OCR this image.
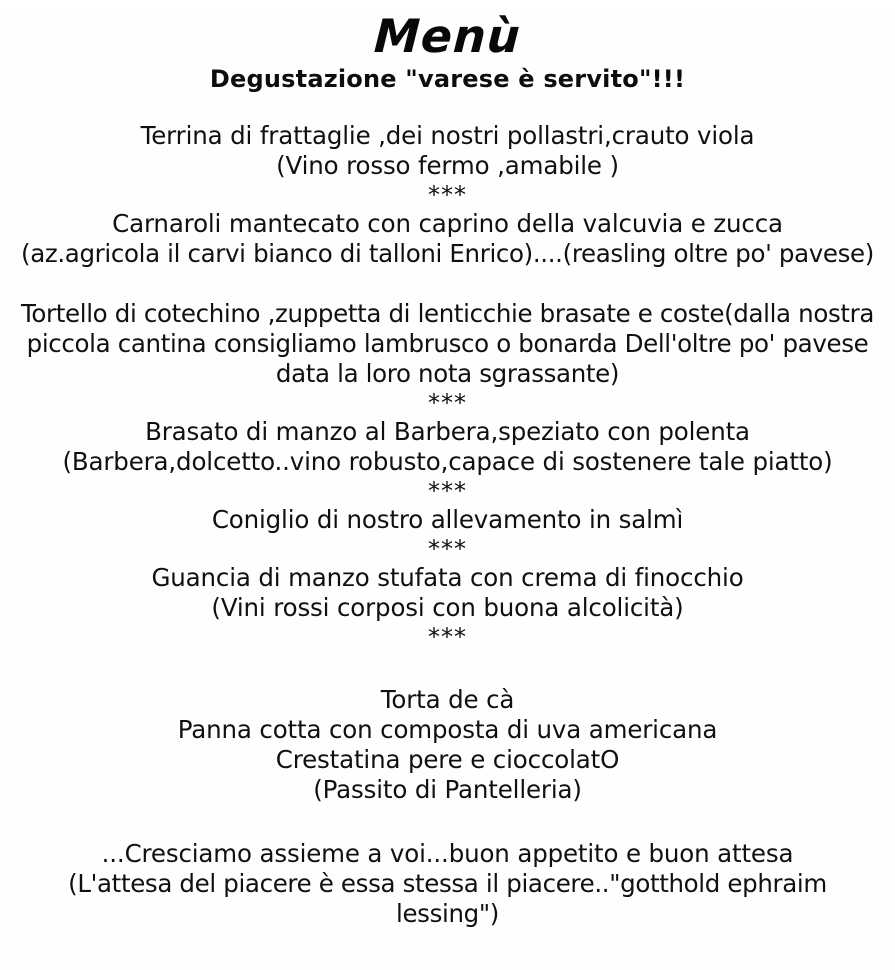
Menù
Degustazione "varese è servito"!!!
Terrina di frattaglie ,dei nostri pollastri,crauto viola
(Vino rosso fermo ,amabile )
***
Carnaroli mantecato con caprino della valcuvia e zucca
(az.agricola il carvi bianco di talloni Enrico)....(reasling oltre po' pavese)
Tortello di cotechino ,zuppetta di lenticchie brasate e coste(dalla nostra piccola cantina consigliamo lambrusco o bonarda Dell'oltre po' pavese data la loro nota sgrassante)
***
Brasato di manzo al Barbera,speziato con polenta
(Barbera,dolcetto..vino robusto,capace di sostenere tale piatto)
***
Coniglio di nostro allevamento in salmì
***
Guancia di manzo stufata con crema di finocchio
(Vini rossi corposi con buona alcolicità)
***
Torta de cà
Panna cotta con composta di uva americana
Crestatina pere e cioccolatO
(Passito di Pantelleria)
...Cresciamo assieme a voi...buon appetito e buon attesa
(L'attesa del piacere è essa stessa il piacere.."gotthold ephraim lessing")
